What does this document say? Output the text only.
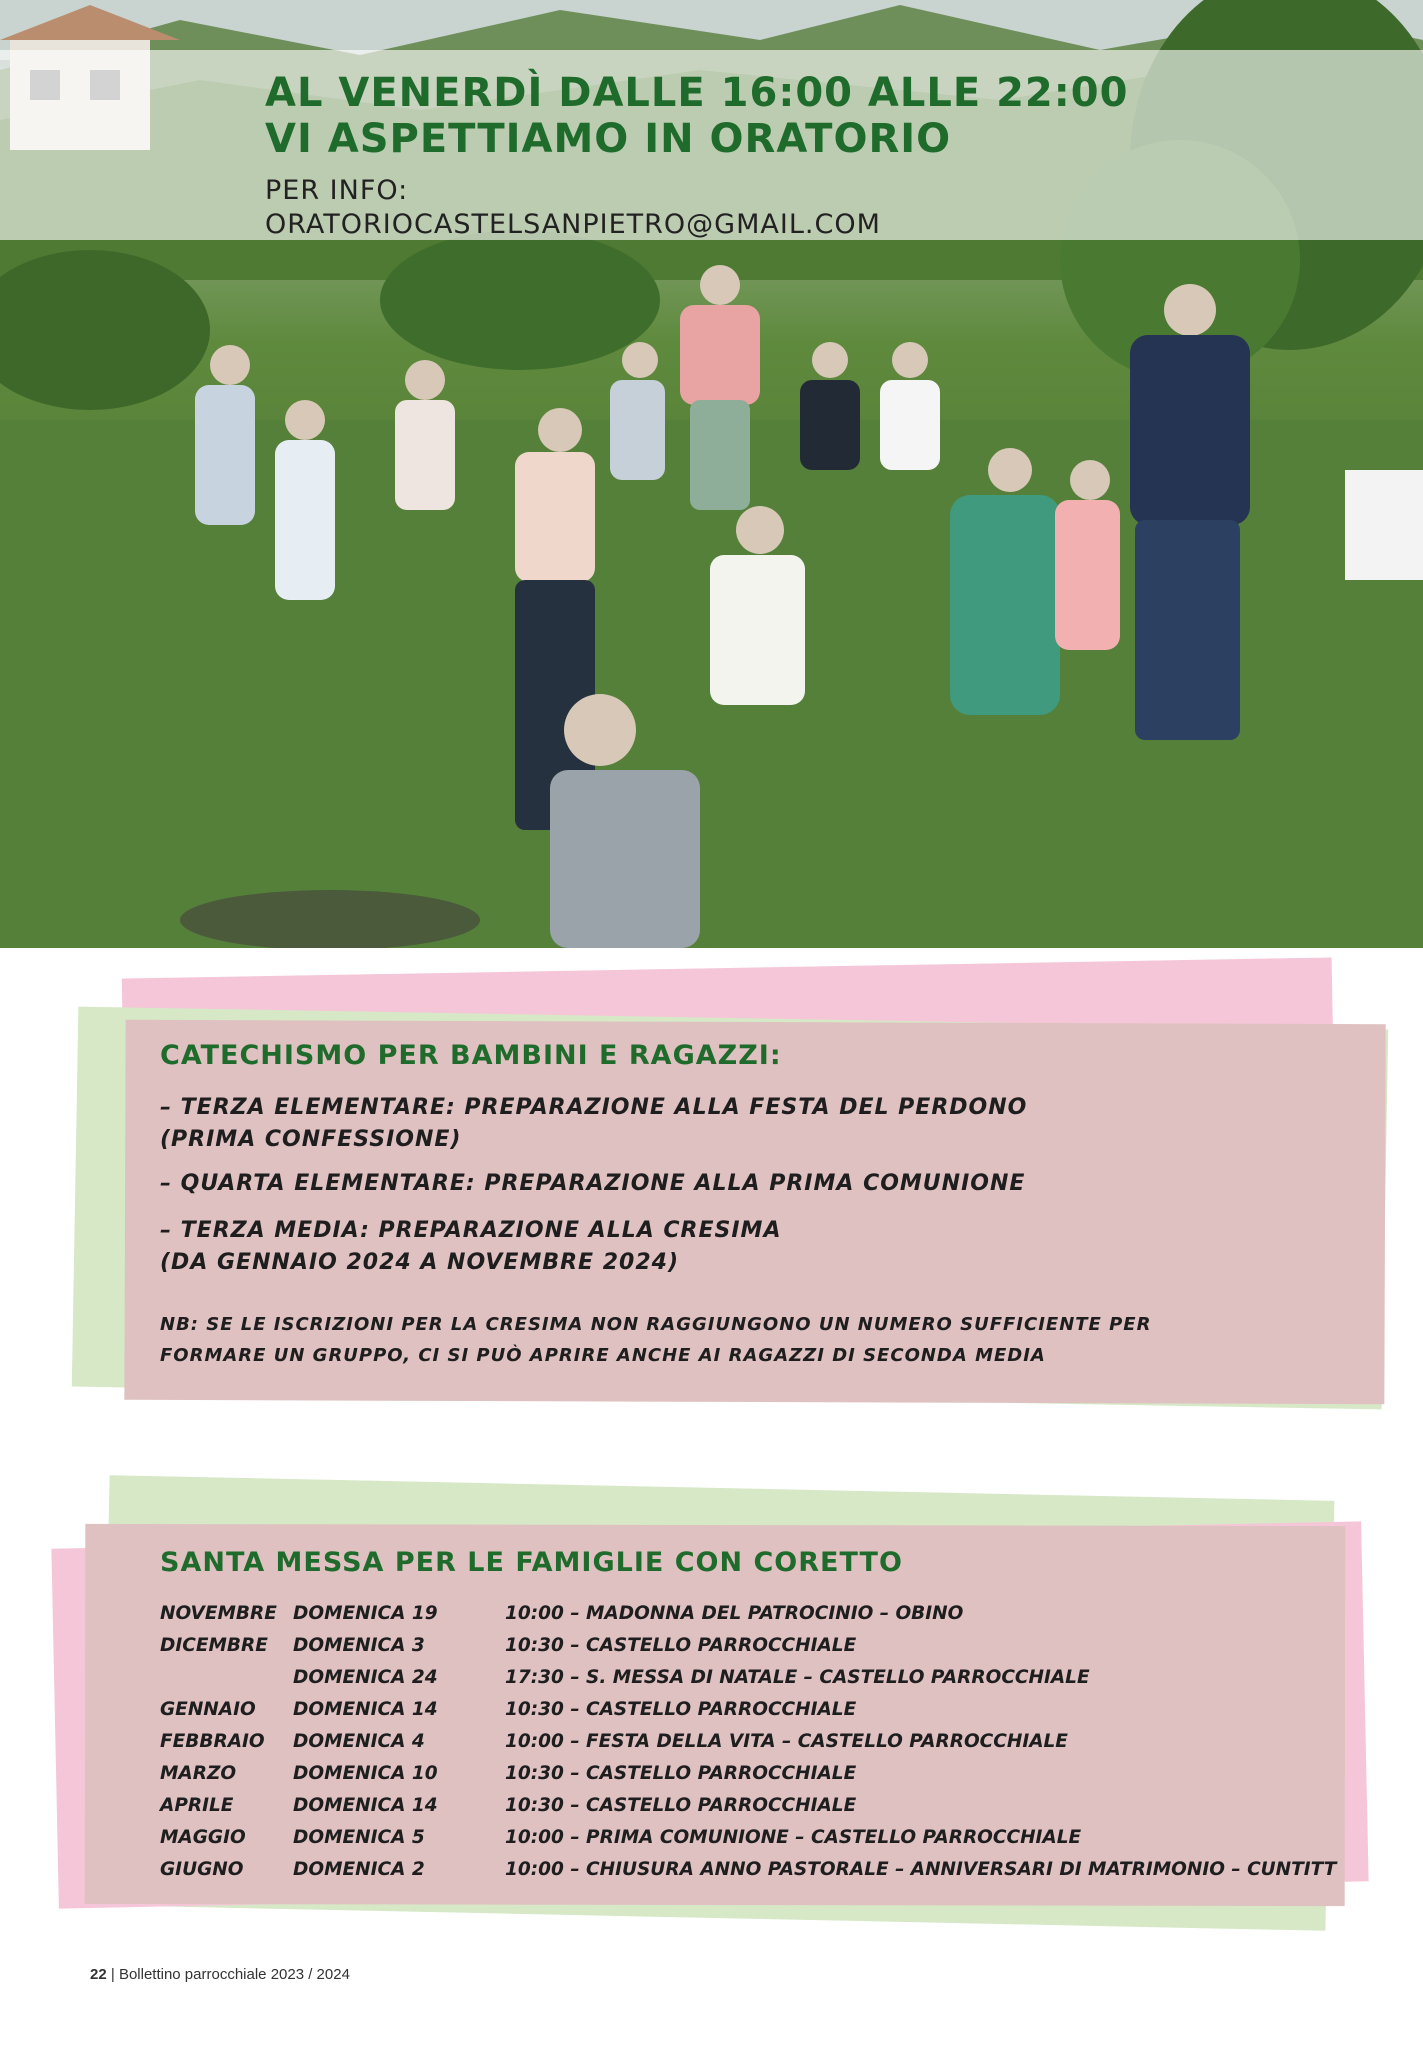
AL VENERDÌ DALLE 16:00 ALLE 22:00
VI ASPETTIAMO IN ORATORIO
PER INFO:
ORATORIOCASTELSANPIETRO@GMAIL.COM
CATECHISMO PER BAMBINI E RAGAZZI:
– TERZA ELEMENTARE: PREPARAZIONE ALLA FESTA DEL PERDONO
(PRIMA CONFESSIONE)
– QUARTA ELEMENTARE: PREPARAZIONE ALLA PRIMA COMUNIONE
– TERZA MEDIA: PREPARAZIONE ALLA CRESIMA
(DA GENNAIO 2024 A NOVEMBRE 2024)
NB: SE LE ISCRIZIONI PER LA CRESIMA NON RAGGIUNGONO UN NUMERO SUFFICIENTE PER
FORMARE UN GRUPPO, CI SI PUÒ APRIRE ANCHE AI RAGAZZI DI SECONDA MEDIA
SANTA MESSA PER LE FAMIGLIE CON CORETTO
NOVEMBRE DOMENICA 19	10:00 – MADONNA DEL PATROCINIO – OBINO
DICEMBRE DOMENICA 3	10:30 – CASTELLO PARROCCHIALE
DOMENICA 24	17:30 – S. MESSA DI NATALE – CASTELLO PARROCCHIALE
GENNAIO DOMENICA 14	10:30 – CASTELLO PARROCCHIALE
FEBBRAIO DOMENICA 4	10:00 – FESTA DELLA VITA – CASTELLO PARROCCHIALE
MARZO	DOMENICA 10	10:30 – CASTELLO PARROCCHIALE
APRILE	DOMENICA 14	10:30 – CASTELLO PARROCCHIALE
MAGGIO	DOMENICA 5	10:00 – PRIMA COMUNIONE – CASTELLO PARROCCHIALE
GIUGNO	DOMENICA 2	10:00 – CHIUSURA ANNO PASTORALE – ANNIVERSARI DI MATRIMONIO – CUNTITT
22 | Bollettino parrocchiale 2023 / 2024
